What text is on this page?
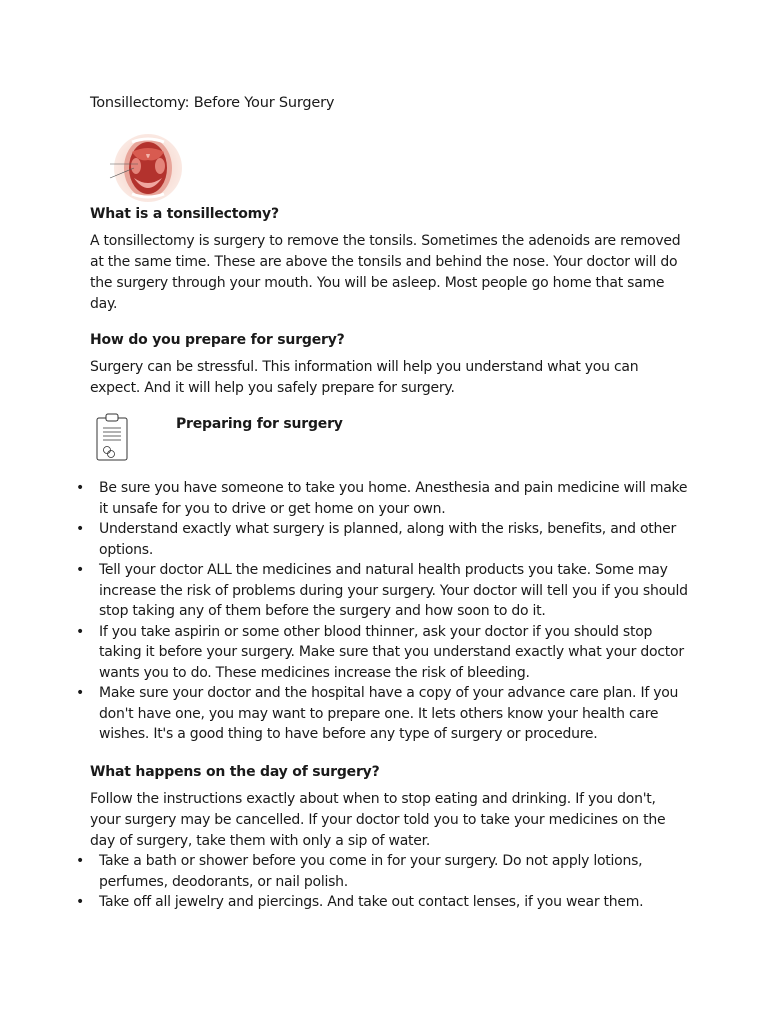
Tonsillectomy: Before Your Surgery
What is a tonsillectomy?

A tonsillectomy is surgery to remove the tonsils. Sometimes the adenoids are removed at the same time. These are above the tonsils and behind the nose. Your doctor will do the surgery through your mouth. You will be asleep. Most people go home that same day.

How do you prepare for surgery?

Surgery can be stressful. This information will help you understand what you can expect. And it will help you safely prepare for surgery.

Preparing for surgery
• Be sure you have someone to take you home. Anesthesia and pain medicine will make it unsafe for you to drive or get home on your own.
• Understand exactly what surgery is planned, along with the risks, benefits, and other options.
• Tell your doctor ALL the medicines and natural health products you take. Some may increase the risk of problems during your surgery. Your doctor will tell you if you should stop taking any of them before the surgery and how soon to do it.
• If you take aspirin or some other blood thinner, ask your doctor if you should stop taking it before your surgery. Make sure that you understand exactly what your doctor wants you to do. These medicines increase the risk of bleeding.
• Make sure your doctor and the hospital have a copy of your advance care plan. If you don't have one, you may want to prepare one. It lets others know your health care wishes. It's a good thing to have before any type of surgery or procedure.
What happens on the day of surgery?

Follow the instructions exactly about when to stop eating and drinking. If you don't, your surgery may be cancelled. If your doctor told you to take your medicines on the day of surgery, take them with only a sip of water.

• Take a bath or shower before you come in for your surgery. Do not apply lotions, perfumes, deodorants, or nail polish.
• Take off all jewelry and piercings. And take out contact lenses, if you wear them.
